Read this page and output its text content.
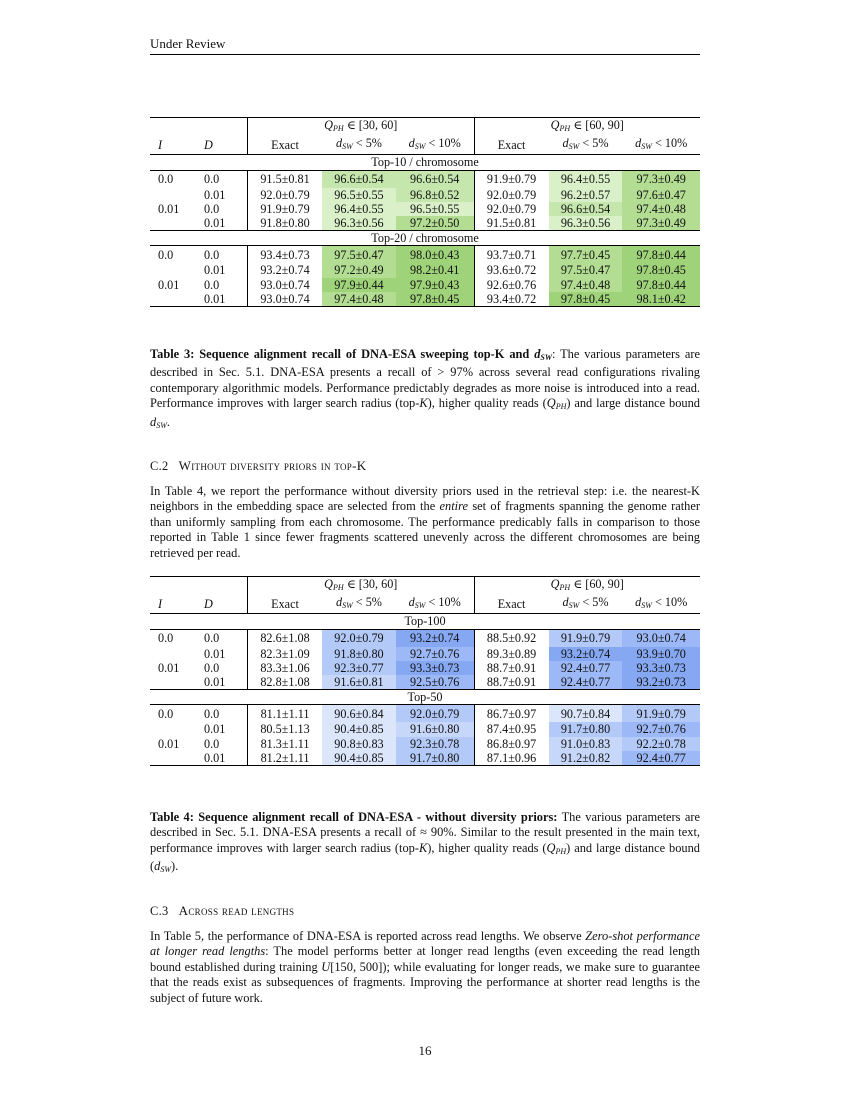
Under Review

		$Q_{PH}$ ∈ [30, 60]			$Q_{PH}$ ∈ [60, 90]		
I	D	Exact	$d_{SW} < 5\%$	$d_{SW} < 10\%$	Exact	$d_{SW} < 5\%$	$d_{SW} < 10\%$

Top-10 / chromosome							

0.0	0.0	91.5±0.81	96.6±0.54	96.6±0.54	91.9±0.79	96.4±0.55	97.3±0.49
	0.01	92.0±0.79	96.5±0.55	96.8±0.52	92.0±0.79	96.2±0.57	97.6±0.47
0.01	0.0	91.9±0.79	96.4±0.55	96.5±0.55	92.0±0.79	96.6±0.54	97.4±0.48
	0.01	91.8±0.80	96.3±0.56	97.2±0.50	91.5±0.81	96.3±0.56	97.3±0.49

Top-20 / chromosome							

0.0	0.0	93.4±0.73	97.5±0.47	98.0±0.43	93.7±0.71	97.7±0.45	97.8±0.44
	0.01	93.2±0.74	97.2±0.49	98.2±0.41	93.6±0.72	97.5±0.47	97.8±0.45
0.01	0.0	93.0±0.74	97.9±0.44	97.9±0.43	92.6±0.76	97.4±0.48	97.8±0.44
	0.01	93.0±0.74	97.4±0.48	97.8±0.45	93.4±0.72	97.8±0.45	98.1±0.42

Table 3: Sequence alignment recall of DNA-ESA sweeping top-K and $d_{SW}$: The various parameters are described in Sec. 5.1. DNA-ESA presents a recall of > 97% across several read configurations rivaling contemporary algorithmic models. Performance predictably degrades as more noise is introduced into a read. Performance improves with larger search radius (top-K), higher quality reads $(Q_{PH})$ and large distance bound $d_{SW}$.
C.2 Without diversity priors in top-K
In Table 4, we report the performance without diversity priors used in the retrieval step: i.e. the nearest-K neighbors in the embedding space are selected from the entire set of fragments spanning the genome rather than uniformly sampling from each chromosome. The performance predicably falls in comparison to those reported in Table 1 since fewer fragments scattered unevenly across the different chromosomes are being retrieved per read.

		$Q_{PH}$ ∈ [30, 60]			$Q_{PH}$ ∈ [60, 90]		
I	D	Exact	$d_{SW} < 5\%$	$d_{SW} < 10\%$	Exact	$d_{SW} < 5\%$	$d_{SW} < 10\%$

Top-100							

0.0	0.0	82.6±1.08	92.0±0.79	93.2±0.74	88.5±0.92	91.9±0.79	93.0±0.74
	0.01	82.3±1.09	91.8±0.80	92.7±0.76	89.3±0.89	93.2±0.74	93.9±0.70
0.01	0.0	83.3±1.06	92.3±0.77	93.3±0.73	88.7±0.91	92.4±0.77	93.3±0.73
	0.01	82.8±1.08	91.6±0.81	92.5±0.76	88.7±0.91	92.4±0.77	93.2±0.73

Top-50							

0.0	0.0	81.1±1.11	90.6±0.84	92.0±0.79	86.7±0.97	90.7±0.84	91.9±0.79
	0.01	80.5±1.13	90.4±0.85	91.6±0.80	87.4±0.95	91.7±0.80	92.7±0.76
0.01	0.0	81.3±1.11	90.8±0.83	92.3±0.78	86.8±0.97	91.0±0.83	92.2±0.78
	0.01	81.2±1.11	90.4±0.85	91.7±0.80	87.1±0.96	91.2±0.82	92.4±0.77

Table 4: Sequence alignment recall of DNA-ESA - without diversity priors: The various parameters are described in Sec. 5.1. DNA-ESA presents a recall of ≈ 90%. Similar to the result presented in the main text, performance improves with larger search radius (top-K), higher quality reads $(Q_{PH})$ and large distance bound $(d_{SW})$.
C.3 Across read lengths
In Table 5, the performance of DNA-ESA is reported across read lengths. We observe Zero-shot performance at longer read lengths: The model performs better at longer read lengths (even exceeding the read length bound established during training U[150, 500]); while evaluating for longer reads, we make sure to guarantee that the reads exist as subsequences of fragments. Improving the performance at shorter read lengths is the subject of future work.
16
